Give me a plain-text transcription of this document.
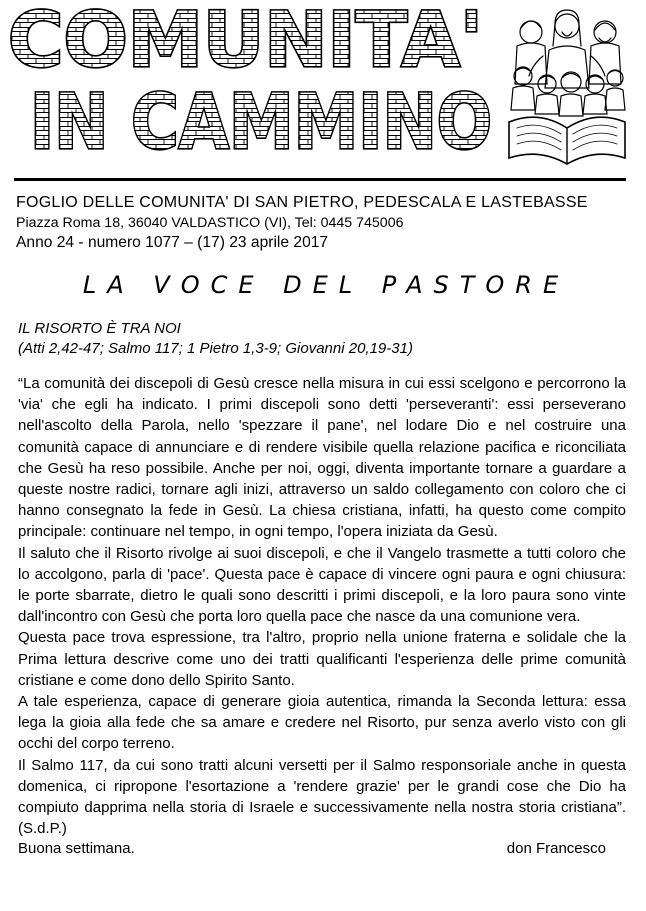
COMUNITA'
IN CAMMINO

FOGLIO DELLE COMUNITA' DI SAN PIETRO, PEDESCALA E LASTEBASSE

Piazza Roma 18, 36040 VALDASTICO (VI), Tel: 0445 745006

Anno 24 - numero 1077 – (17) 23 aprile 2017

LA VOCE DEL PASTORE

IL RISORTO È TRA NOI

(Atti 2,42-47; Salmo 117; 1 Pietro 1,3-9; Giovanni 20,19-31)

“La comunità dei discepoli di Gesù cresce nella misura in cui essi scelgono e percorrono la 'via' che egli ha indicato. I primi discepoli sono detti 'perseveranti': essi perseverano nell'ascolto della Parola, nello 'spezzare il pane', nel lodare Dio e nel costruire una comunità capace di annunciare e di rendere visibile quella relazione pacifica e riconciliata che Gesù ha reso possibile. Anche per noi, oggi, diventa importante tornare a guardare a queste nostre radici, tornare agli inizi, attraverso un saldo collegamento con coloro che ci hanno consegnato la fede in Gesù. La chiesa cristiana, infatti, ha questo come compito principale: continuare nel tempo, in ogni tempo, l'opera iniziata da Gesù.

Il saluto che il Risorto rivolge ai suoi discepoli, e che il Vangelo trasmette a tutti coloro che lo accolgono, parla di 'pace'. Questa pace è capace di vincere ogni paura e ogni chiusura: le porte sbarrate, dietro le quali sono descritti i primi discepoli, e la loro paura sono vinte dall'incontro con Gesù che porta loro quella pace che nasce da una comunione vera.

Questa pace trova espressione, tra l'altro, proprio nella unione fraterna e solidale che la Prima lettura descrive come uno dei tratti qualificanti l'esperienza delle prime comunità cristiane e come dono dello Spirito Santo.

A tale esperienza, capace di generare gioia autentica, rimanda la Seconda lettura: essa lega la gioia alla fede che sa amare e credere nel Risorto, pur senza averlo visto con gli occhi del corpo terreno.

Il Salmo 117, da cui sono tratti alcuni versetti per il Salmo responsoriale anche in questa domenica, ci ripropone l'esortazione a 'rendere grazie' per le grandi cose che Dio ha compiuto dapprima nella storia di Israele e successivamente nella nostra storia cristiana”. (S.d.P.)

Buona settimana.	don Francesco
